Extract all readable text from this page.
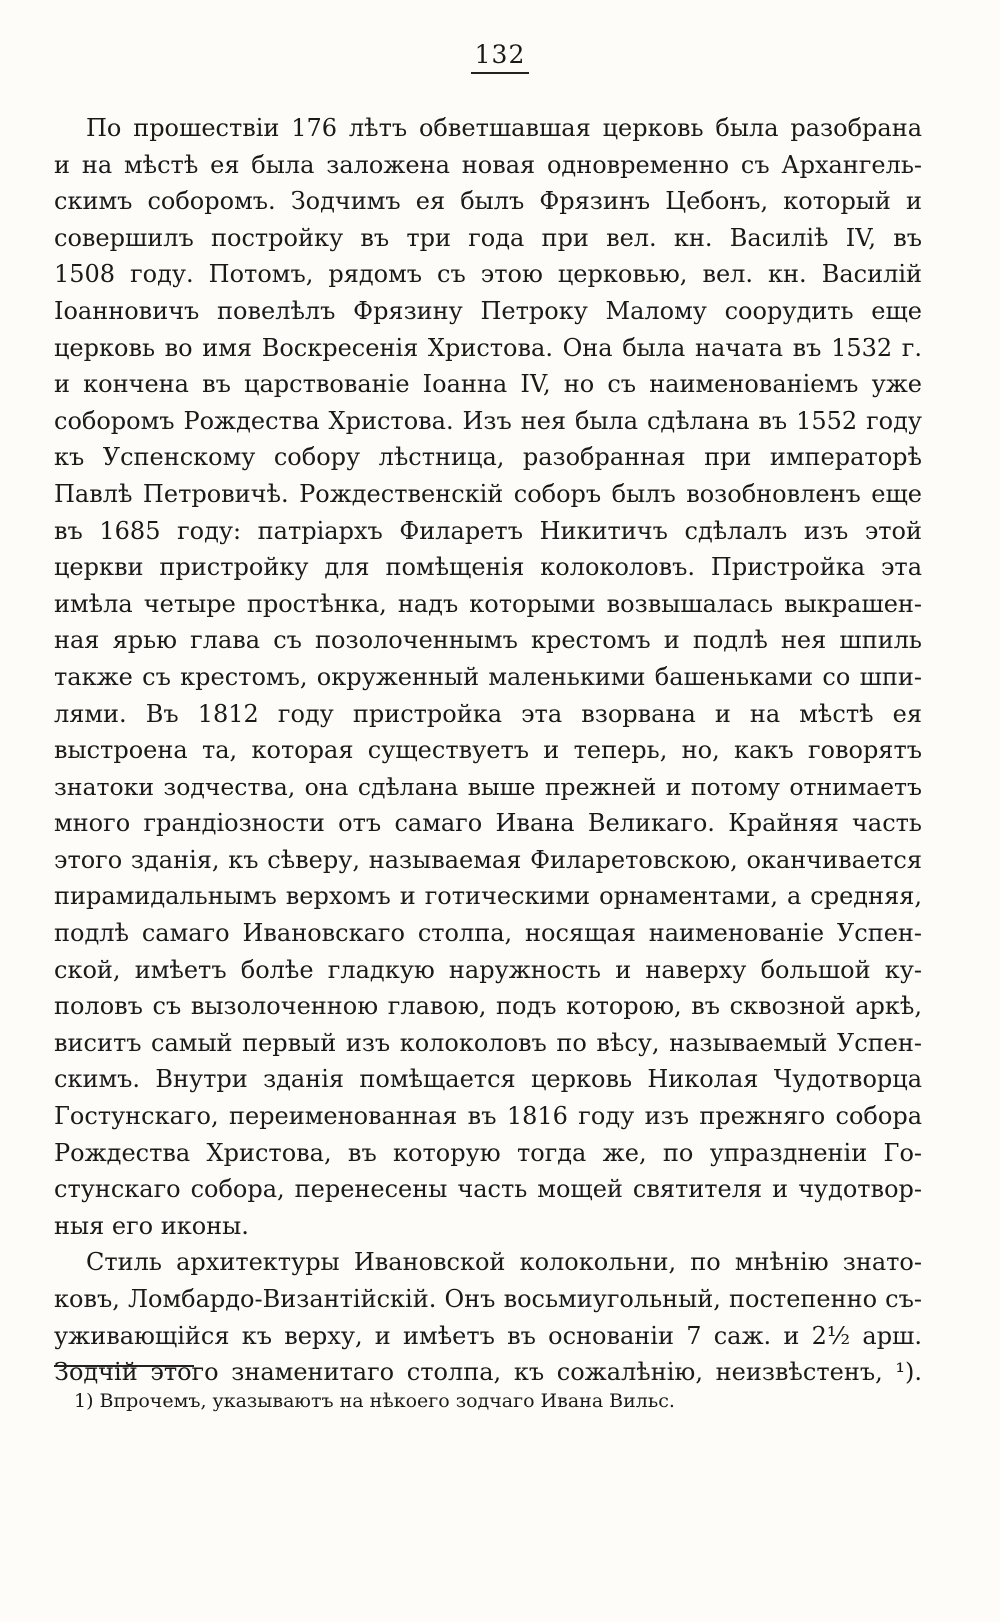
132
По прошествіи 176 лѣтъ обветшавшая церковь была разобрана
и на мѣстѣ ея была заложена новая одновременно съ Архангель-
скимъ соборомъ. Зодчимъ ея былъ Фрязинъ Цебонъ, который и
совершилъ постройку въ три года при вел. кн. Василіѣ IV, въ
1508 году. Потомъ, рядомъ съ этою церковью, вел. кн. Василій
Іоанновичъ повелѣлъ Фрязину Петроку Малому соорудить еще
церковь во имя Воскресенія Христова. Она была начата въ 1532 г.
и кончена въ царствованіе Іоанна IV, но съ наименованіемъ уже
соборомъ Рождества Христова. Изъ нея была сдѣлана въ 1552 году
къ Успенскому собору лѣстница, разобранная при императорѣ
Павлѣ Петровичѣ. Рождественскій соборъ былъ возобновленъ еще
въ 1685 году: патріархъ Филаретъ Никитичъ сдѣлалъ изъ этой
церкви пристройку для помѣщенія колоколовъ. Пристройка эта
имѣла четыре простѣнка, надъ которыми возвышалась выкрашен-
ная ярью глава съ позолоченнымъ крестомъ и подлѣ нея шпиль
также съ крестомъ, окруженный маленькими башеньками со шпи-
лями. Въ 1812 году пристройка эта взорвана и на мѣстѣ ея
выстроена та, которая существуетъ и теперь, но, какъ говорятъ
знатоки зодчества, она сдѣлана выше прежней и потому отнимаетъ
много грандіозности отъ самаго Ивана Великаго. Крайняя часть
этого зданія, къ сѣверу, называемая Филаретовскою, оканчивается
пирамидальнымъ верхомъ и готическими орнаментами, а средняя,
подлѣ самаго Ивановскаго столпа, носящая наименованіе Успен-
ской, имѣетъ болѣе гладкую наружность и наверху большой ку-
половъ съ вызолоченною главою, подъ которою, въ сквозной аркѣ,
виситъ самый первый изъ колоколовъ по вѣсу, называемый Успен-
скимъ. Внутри зданія помѣщается церковь Николая Чудотворца
Гостунскаго, переименованная въ 1816 году изъ прежняго собора
Рождества Христова, въ которую тогда же, по упраздненіи Го-
стунскаго собора, перенесены часть мощей святителя и чудотвор-
ныя его иконы.
Стиль архитектуры Ивановской колокольни, по мнѣнію знато-
ковъ, Ломбардо-Византійскій. Онъ восьмиугольный, постепенно съ-
уживающійся къ верху, и имѣетъ въ основаніи 7 саж. и 2½ арш.
Зодчій этого знаменитаго столпа, къ сожалѣнію, неизвѣстенъ, ¹).
1) Впрочемъ, указываютъ на нѣкоего зодчаго Ивана Вильс.
